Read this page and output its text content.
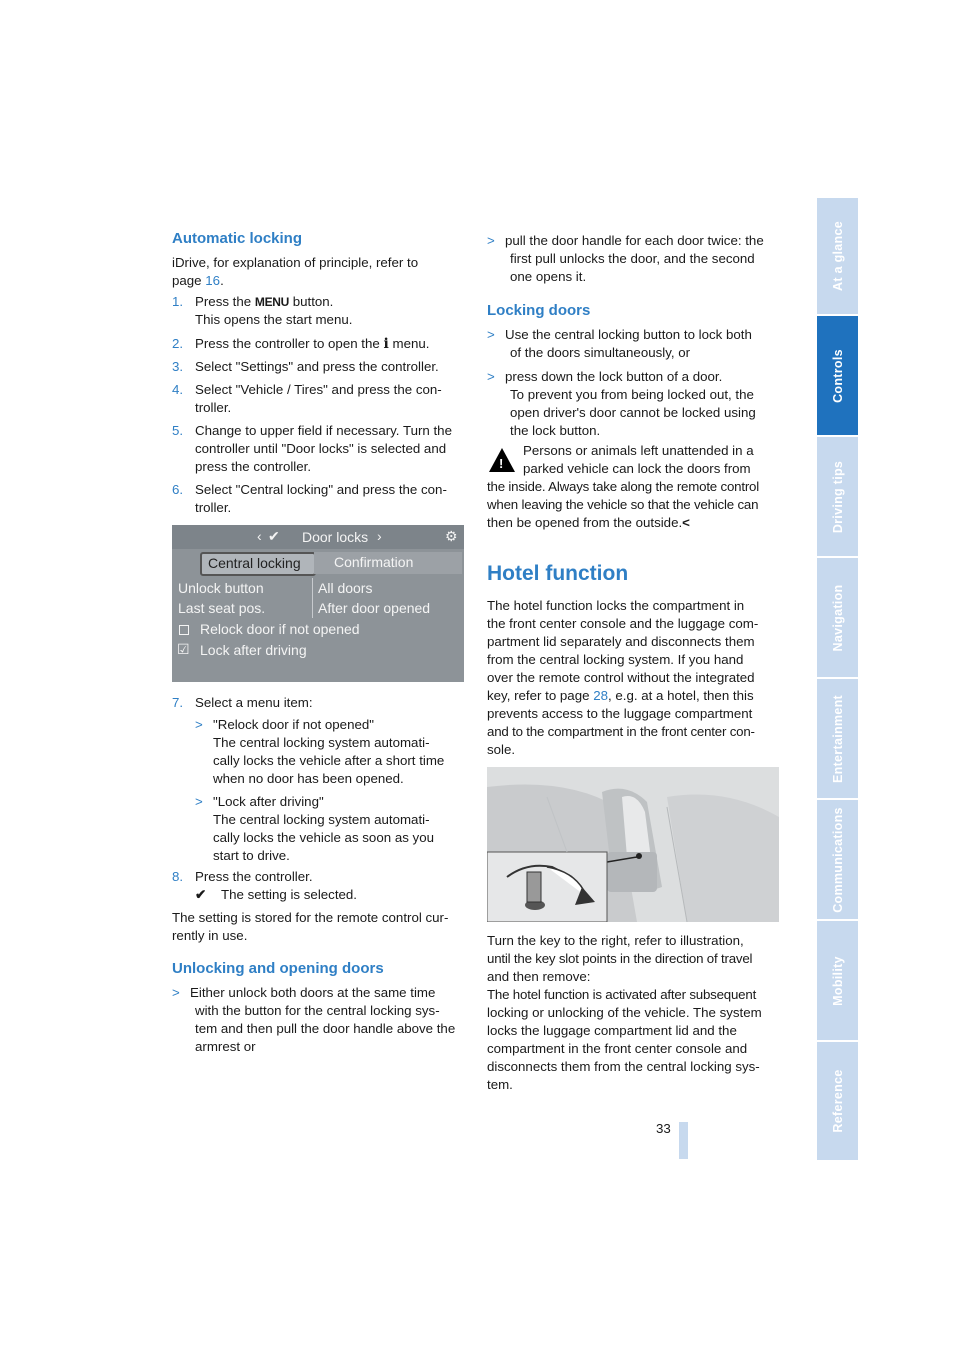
At a glance
Controls
Driving tips
Navigation
Entertainment
Communications
Mobility
Reference
Automatic locking
iDrive, for explanation of principle, refer to
page 16.
1. Press the MENU button.
This opens the start menu.
2. Press the controller to open the i menu.
3. Select "Settings" and press the controller.
4. Select "Vehicle / Tires" and press the con-
troller.
5. Change to upper field if necessary. Turn the
controller until "Door locks" is selected and
press the controller.
6. Select "Central locking" and press the con-
troller.
‹ ✔ Door locks ›	⚙
Central locking Confirmation
Unlock button	All doors
Last seat pos.	After door opened
Relock door if not opened
☑ Lock after driving
7. Select a menu item:
> "Relock door if not opened"
The central locking system automati-
cally locks the vehicle after a short time
when no door has been opened.
> "Lock after driving"
The central locking system automati-
cally locks the vehicle as soon as you
start to drive.
8. Press the controller.
✔ The setting is selected.
The setting is stored for the remote control cur-
rently in use.
Unlocking and opening doors
> Either unlock both doors at the same time
with the button for the central locking sys-
tem and then pull the door handle above the
armrest or
> pull the door handle for each door twice: the
first pull unlocks the door, and the second
one opens it.
Locking doors
> Use the central locking button to lock both
of the doors simultaneously, or
> press down the lock button of a door.
To prevent you from being locked out, the
open driver's door cannot be locked using
the lock button.
!
Persons or animals left unattended in a
parked vehicle can lock the doors from
the inside. Always take along the remote control
when leaving the vehicle so that the vehicle can
then be opened from the outside.<
Hotel function
The hotel function locks the compartment in
the front center console and the luggage com-
partment lid separately and disconnects them
from the central locking system. If you hand
over the remote control without the integrated
key, refer to page 28, e.g. at a hotel, then this
prevents access to the luggage compartment
and to the compartment in the front center con-
sole.
Turn the key to the right, refer to illustration,
until the key slot points in the direction of travel
and then remove:
The hotel function is activated after subsequent
locking or unlocking of the vehicle. The system
locks the luggage compartment lid and the
compartment in the front center console and
disconnects them from the central locking sys-
tem.
33
